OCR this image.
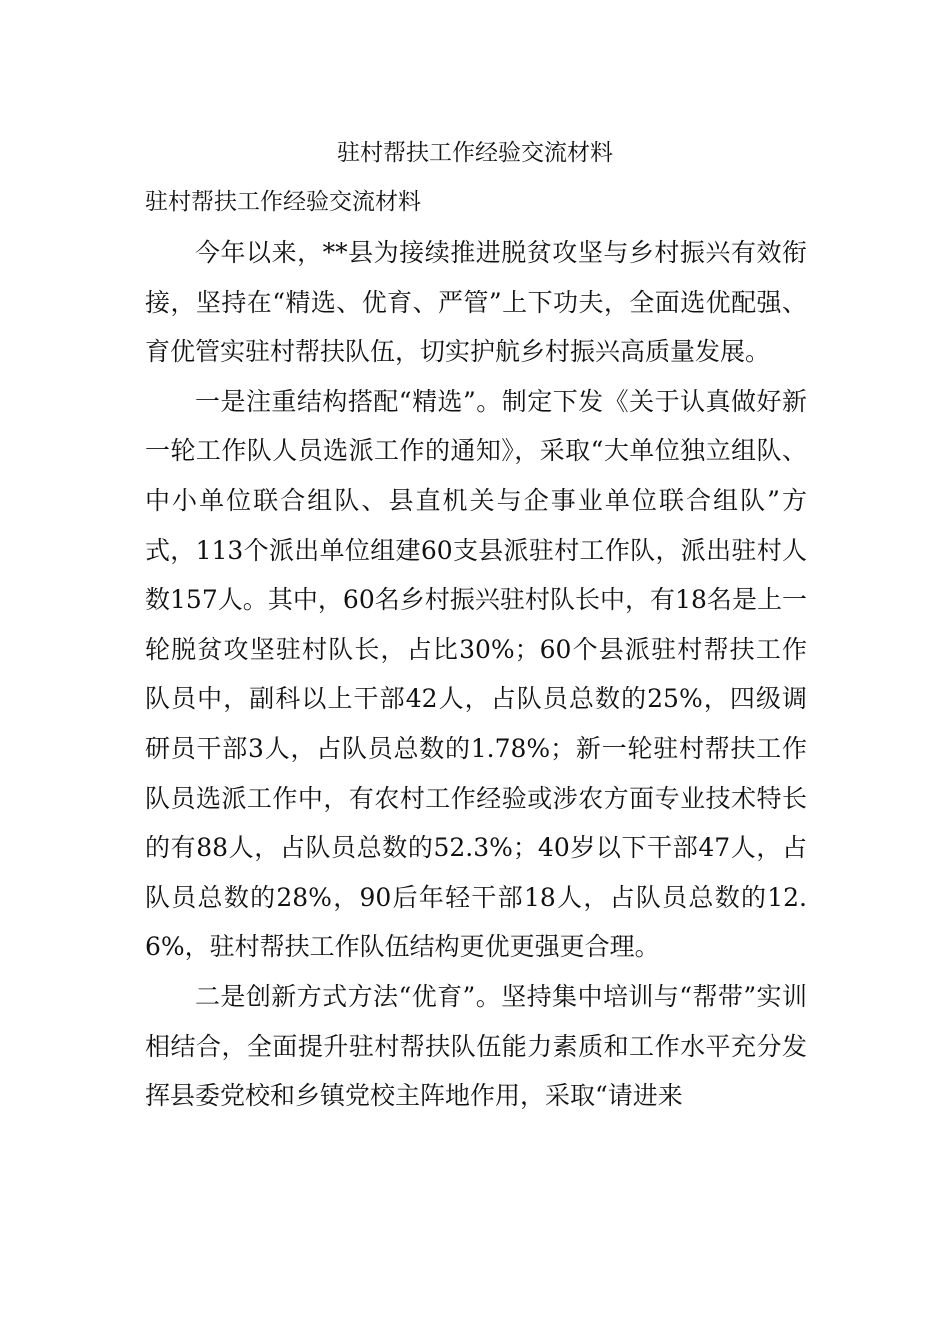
驻村帮扶工作经验交流材料
驻村帮扶工作经验交流材料

今年以来，**县为接续推进脱贫攻坚与乡村振兴有效衔接，坚持在“精选、优育、严管”上下功夫，全面选优配强、育优管实驻村帮扶队伍，切实护航乡村振兴高质量发展。

一是注重结构搭配“精选”。制定下发《关于认真做好新一轮工作队人员选派工作的通知》，采取“大单位独立组队、中小单位联合组队、县直机关与企事业单位联合组队”方式，113个派出单位组建60支县派驻村工作队，派出驻村人数157人。其中，60名乡村振兴驻村队长中，有18名是上一轮脱贫攻坚驻村队长，占比30%；60个县派驻村帮扶工作队员中，副科以上干部42人，占队员总数的25%，四级调研员干部3人，占队员总数的1.78%；新一轮驻村帮扶工作队员选派工作中，有农村工作经验或涉农方面专业技术特长的有88人，占队员总数的52.3%；40岁以下干部47人，占队员总数的28%，90后年轻干部18人，占队员总数的12.6%，驻村帮扶工作队伍结构更优更强更合理。

二是创新方式方法“优育”。坚持集中培训与“帮带”实训相结合，全面提升驻村帮扶队伍能力素质和工作水平充分发挥县委党校和乡镇党校主阵地作用，采取“请进来
